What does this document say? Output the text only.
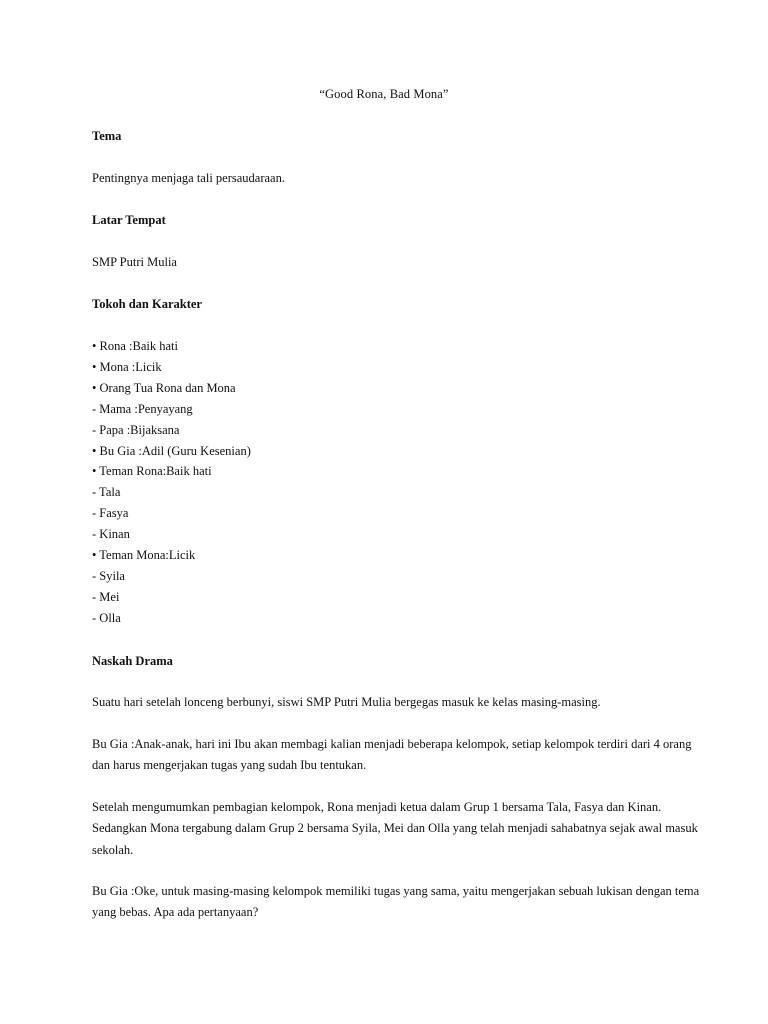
“Good Rona, Bad Mona”
Tema
Pentingnya menjaga tali persaudaraan.
Latar Tempat
SMP Putri Mulia
Tokoh dan Karakter
• Rona :Baik hati
• Mona :Licik
• Orang Tua Rona dan Mona
- Mama :Penyayang
- Papa :Bijaksana
• Bu Gia :Adil (Guru Kesenian)
• Teman Rona:Baik hati
- Tala
- Fasya
- Kinan
• Teman Mona:Licik
- Syila
- Mei
- Olla
Naskah Drama

Suatu hari setelah lonceng berbunyi, siswi SMP Putri Mulia bergegas masuk ke kelas masing-masing.

Bu Gia :Anak-anak, hari ini Ibu akan membagi kalian menjadi beberapa kelompok, setiap kelompok terdiri dari 4 orang dan harus mengerjakan tugas yang sudah Ibu tentukan.

Setelah mengumumkan pembagian kelompok, Rona menjadi ketua dalam Grup 1 bersama Tala, Fasya dan Kinan. Sedangkan Mona tergabung dalam Grup 2 bersama Syila, Mei dan Olla yang telah menjadi sahabatnya sejak awal masuk sekolah.

Bu Gia :Oke, untuk masing-masing kelompok memiliki tugas yang sama, yaitu mengerjakan sebuah lukisan dengan tema yang bebas. Apa ada pertanyaan?
